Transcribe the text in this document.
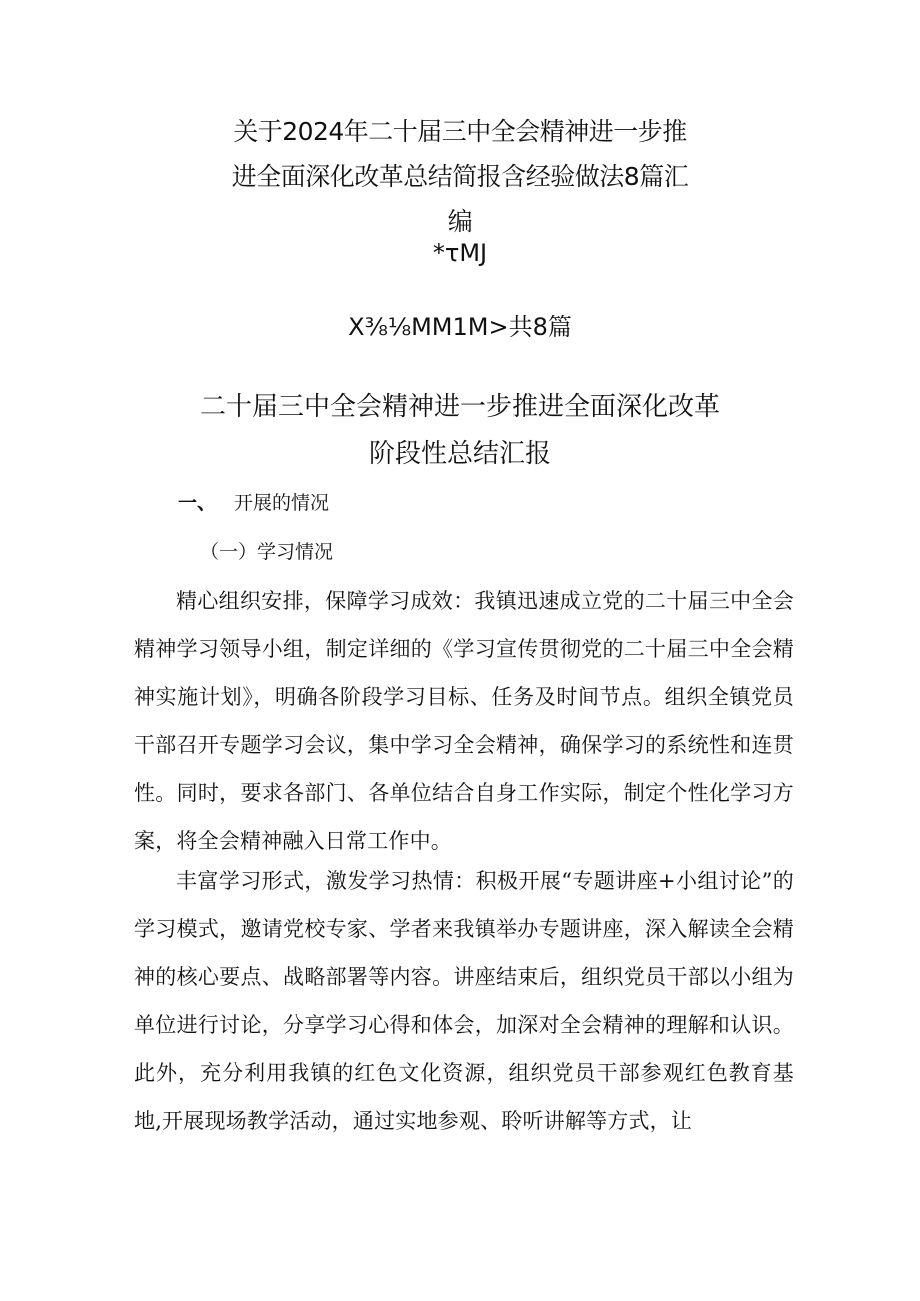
关于2024年二十届三中全会精神进一步推
进全面深化改革总结简报含经验做法8篇汇
编
*τMJ
X⅜⅛MM1M>共8篇
二十届三中全会精神进一步推进全面深化改革
阶段性总结汇报
一、 开展的情况
（一）学习情况
精心组织安排，保障学习成效：我镇迅速成立党的二十届三中全会精神学习领导小组，制定详细的《学习宣传贯彻党的二十届三中全会精神实施计划》，明确各阶段学习目标、任务及时间节点。组织全镇党员干部召开专题学习会议，集中学习全会精神，确保学习的系统性和连贯性。同时，要求各部门、各单位结合自身工作实际，制定个性化学习方案，将全会精神融入日常工作中。
丰富学习形式，激发学习热情：积极开展“专题讲座+小组讨论”的学习模式，邀请党校专家、学者来我镇举办专题讲座，深入解读全会精神的核心要点、战略部署等内容。讲座结束后，组织党员干部以小组为单位进行讨论，分享学习心得和体会，加深对全会精神的理解和认识。此外，充分利用我镇的红色文化资源，组织党员干部参观红色教育基地,开展现场教学活动，通过实地参观、聆听讲解等方式，让
